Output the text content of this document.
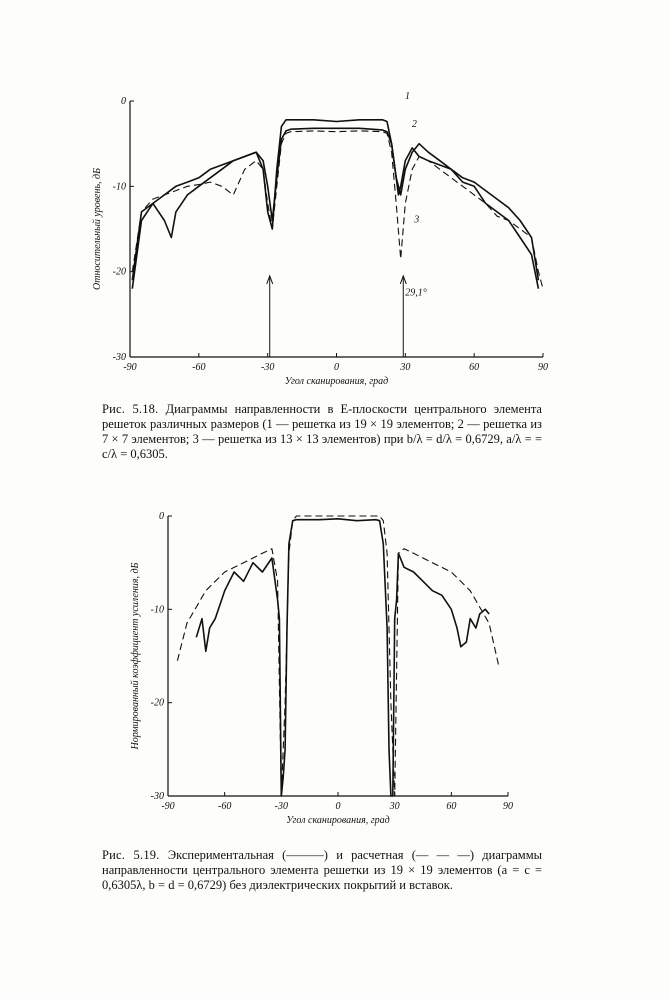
-90	-60	-30	0	30	60	90
0
-10
-20
-30
Угол сканирования, град
Относительный уровень, дБ
1
2
3
29,1°
Рис. 5.18. Диаграммы направленности в E-плоскости центрального элемента решеток различных размеров (1 — решетка из 19 × 19 элементов; 2 — решетка из 7 × 7 элементов; 3 — решетка из 13 × 13 элементов) при b/λ = d/λ = 0,6729, a/λ = = c/λ = 0,6305.
-90	-60	-30	0	30	60	90
0
-10
-20
-30
Угол сканирования, град
Нормированный коэффициент усиления, дБ
Рис. 5.19. Экспериментальная (———) и расчетная (— — —) диаграммы направленности центрального элемента решетки из 19 × 19 элементов (a = c = 0,6305λ, b = d = 0,6729) без диэлектрических покрытий и вставок.
